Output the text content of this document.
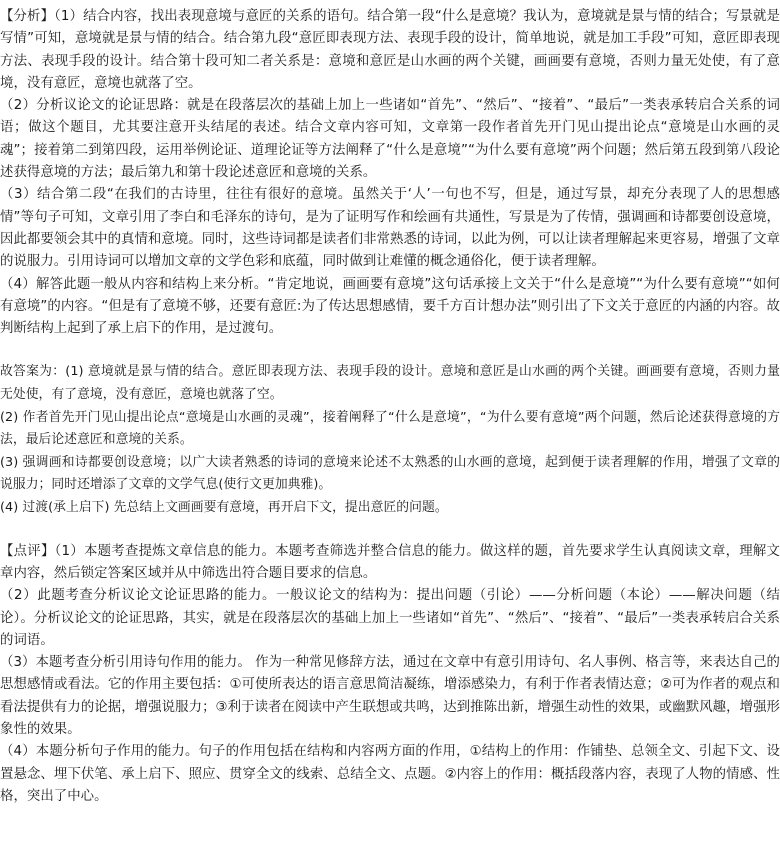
【分析】（1）结合内容，找出表现意境与意匠的关系的语句。结合第一段“什么是意境？我认为，意境就是景与情的结合；写景就是写情”可知，意境就是景与情的结合。结合第九段“意匠即表现方法、表现手段的设计，简单地说，就是加工手段”可知，意匠即表现方法、表现手段的设计。结合第十段可知二者关系是：意境和意匠是山水画的两个关键，画画要有意境，否则力量无处使，有了意境，没有意匠，意境也就落了空。

（2）分析议论文的论证思路：就是在段落层次的基础上加上一些诸如“首先”、“然后”、“接着”、“最后”一类表承转启合关系的词语；做这个题目，尤其要注意开头结尾的表述。结合文章内容可知，文章第一段作者首先开门见山提出论点“意境是山水画的灵魂”；接着第二到第四段，运用举例论证、道理论证等方法阐释了“什么是意境”“为什么要有意境”两个问题；然后第五段到第八段论述获得意境的方法；最后第九和第十段论述意匠和意境的关系。

（3）结合第二段“在我们的古诗里，往往有很好的意境。虽然关于‘人’一句也不写，但是，通过写景，却充分表现了人的思想感情”等句子可知，文章引用了李白和毛泽东的诗句，是为了证明写作和绘画有共通性，写景是为了传情，强调画和诗都要创设意境，因此都要领会其中的真情和意境。同时，这些诗词都是读者们非常熟悉的诗词，以此为例，可以让读者理解起来更容易，增强了文章的说服力。引用诗词可以增加文章的文学色彩和底蕴，同时做到让难懂的概念通俗化，便于读者理解。

（4）解答此题一般从内容和结构上来分析。“肯定地说，画画要有意境”这句话承接上文关于“什么是意境”“为什么要有意境”“如何有意境”的内容。“但是有了意境不够，还要有意匠:为了传达思想感情，要千方百计想办法”则引出了下文关于意匠的内涵的内容。故判断结构上起到了承上启下的作用，是过渡句。

故答案为：(1) 意境就是景与情的结合。意匠即表现方法、表现手段的设计。意境和意匠是山水画的两个关键。画画要有意境，否则力量无处使，有了意境，没有意匠，意境也就落了空。

(2) 作者首先开门见山提出论点“意境是山水画的灵魂”，接着阐释了“什么是意境”，“为什么要有意境”两个问题，然后论述获得意境的方法，最后论述意匠和意境的关系。

(3) 强调画和诗都要创设意境；以广大读者熟悉的诗词的意境来论述不太熟悉的山水画的意境，起到便于读者理解的作用，增强了文章的说服力；同时还增添了文章的文学气息(使行文更加典雅)。

(4) 过渡(承上启下) 先总结上文画画要有意境，再开启下文，提出意匠的问题。

【点评】（1）本题考查提炼文章信息的能力。本题考查筛选并整合信息的能力。做这样的题，首先要求学生认真阅读文章，理解文章内容，然后锁定答案区域并从中筛选出符合题目要求的信息。

（2）此题考查分析议论文论证思路的能力。一般议论文的结构为：提出问题（引论）——分析问题（本论）——解决问题（结论）。分析议论文的论证思路，其实，就是在段落层次的基础上加上一些诸如“首先”、“然后”、“接着”、“最后”一类表承转启合关系的词语。

（3）本题考查分析引用诗句作用的能力。 作为一种常见修辞方法，通过在文章中有意引用诗句、名人事例、格言等，来表达自己的思想感情或看法。它的作用主要包括：①可使所表达的语言意思简洁凝练，增添感染力，有利于作者表情达意；②可为作者的观点和看法提供有力的论据，增强说服力；③利于读者在阅读中产生联想或共鸣，达到推陈出新，增强生动性的效果，或幽默风趣，增强形象性的效果。

（4）本题分析句子作用的能力。句子的作用包括在结构和内容两方面的作用，①结构上的作用：作铺垫、总领全文、引起下文、设置悬念、埋下伏笔、承上启下、照应、贯穿全文的线索、总结全文、点题。②内容上的作用：概括段落内容，表现了人物的情感、性格，突出了中心。
